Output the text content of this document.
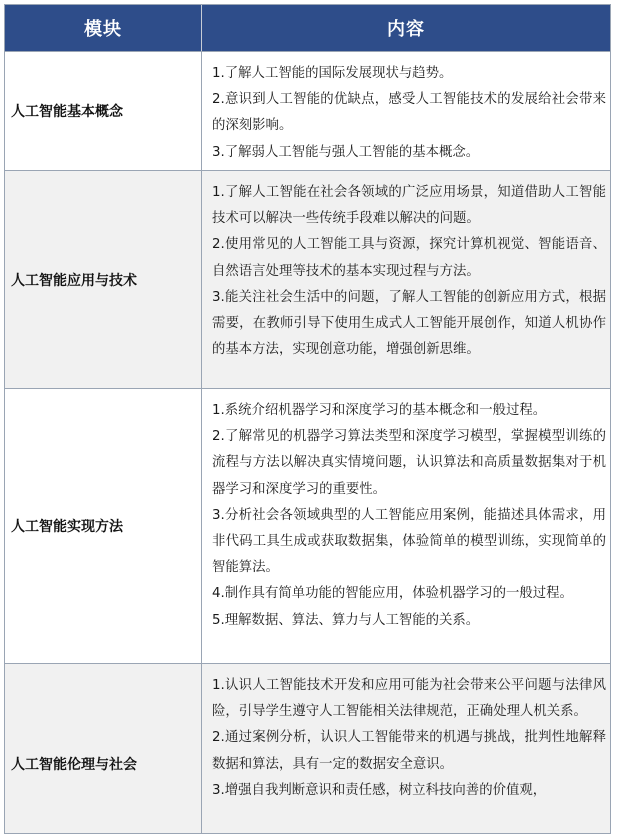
模块	内容
人工智能基本概念

1.了解人工智能的国际发展现状与趋势。

2.意识到人工智能的优缺点，感受人工智能技术的发展给社会带来的深刻影响。

3.了解弱人工智能与强人工智能的基本概念。

人工智能应用与技术

1.了解人工智能在社会各领域的广泛应用场景，知道借助人工智能技术可以解决一些传统手段难以解决的问题。

2.使用常见的人工智能工具与资源，探究计算机视觉、智能语音、自然语言处理等技术的基本实现过程与方法。

3.能关注社会生活中的问题，了解人工智能的创新应用方式，根据需要，在教师引导下使用生成式人工智能开展创作，知道人机协作的基本方法，实现创意功能，增强创新思维。

人工智能实现方法

1.系统介绍机器学习和深度学习的基本概念和一般过程。

2.了解常见的机器学习算法类型和深度学习模型，掌握模型训练的流程与方法以解决真实情境问题，认识算法和高质量数据集对于机器学习和深度学习的重要性。

3.分析社会各领域典型的人工智能应用案例，能描述具体需求，用非代码工具生成或获取数据集，体验简单的模型训练，实现简单的智能算法。

4.制作具有简单功能的智能应用，体验机器学习的一般过程。

5.理解数据、算法、算力与人工智能的关系。

人工智能伦理与社会

1.认识人工智能技术开发和应用可能为社会带来公平问题与法律风险，引导学生遵守人工智能相关法律规范，正确处理人机关系。

2.通过案例分析，认识人工智能带来的机遇与挑战，批判性地解释数据和算法，具有一定的数据安全意识。

3.增强自我判断意识和责任感，树立科技向善的价值观，
